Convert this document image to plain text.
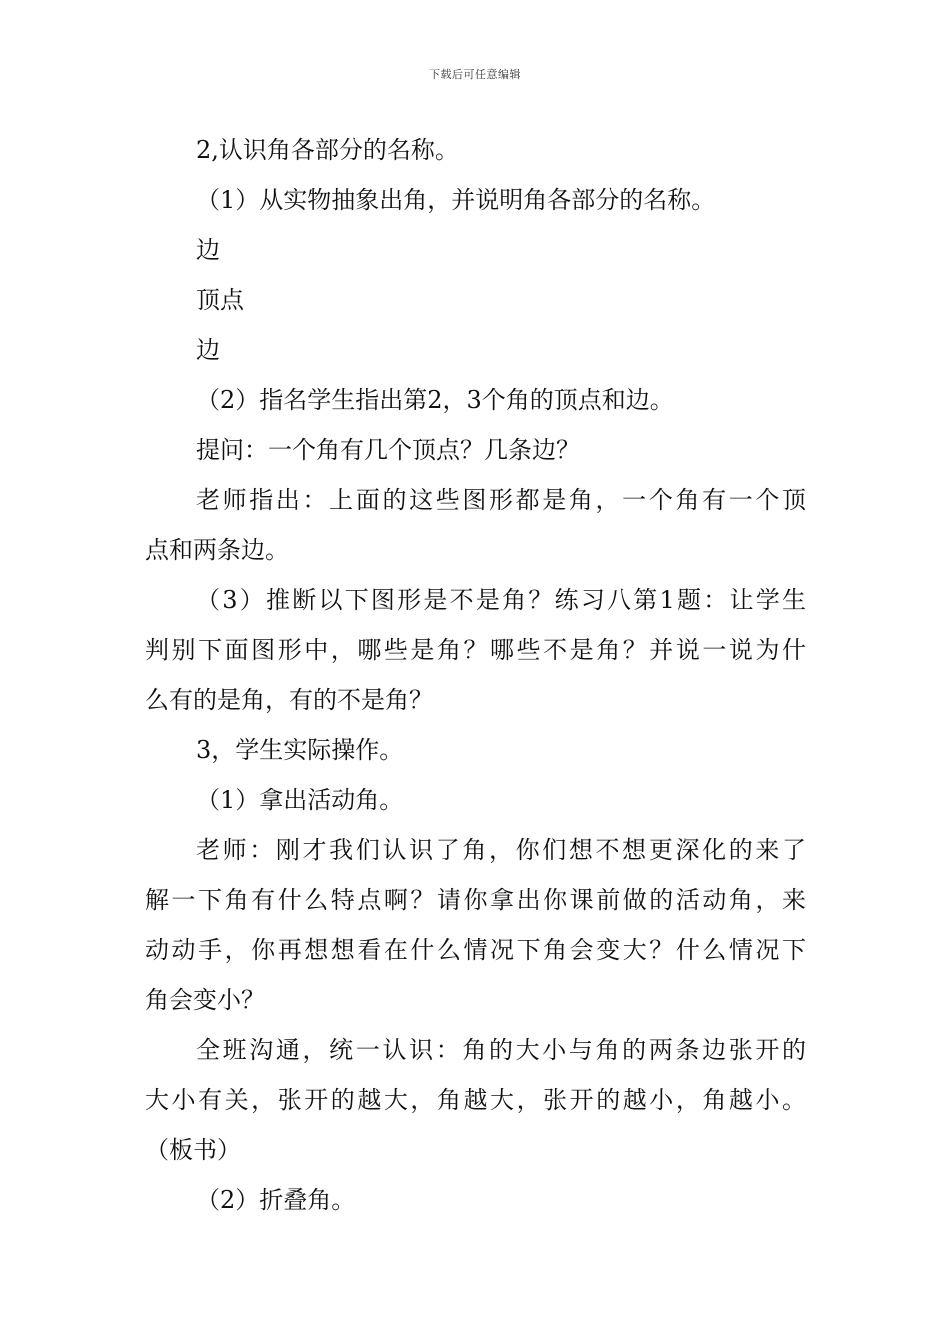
下载后可任意编辑
2,认识角各部分的名称。
（1）从实物抽象出角，并说明角各部分的名称。
边
顶点
边
（2）指名学生指出第2，3个角的顶点和边。
提问：一个角有几个顶点？几条边？
老师指出：上面的这些图形都是角，一个角有一个顶
点和两条边。
（3）推断以下图形是不是角？练习八第1题：让学生
判别下面图形中，哪些是角？哪些不是角？并说一说为什
么有的是角，有的不是角？
3，学生实际操作。
（1）拿出活动角。
老师：刚才我们认识了角，你们想不想更深化的来了
解一下角有什么特点啊？请你拿出你课前做的活动角，来
动动手，你再想想看在什么情况下角会变大？什么情况下
角会变小？
全班沟通，统一认识：角的大小与角的两条边张开的
大小有关，张开的越大，角越大，张开的越小，角越小。
（板书）
（2）折叠角。
